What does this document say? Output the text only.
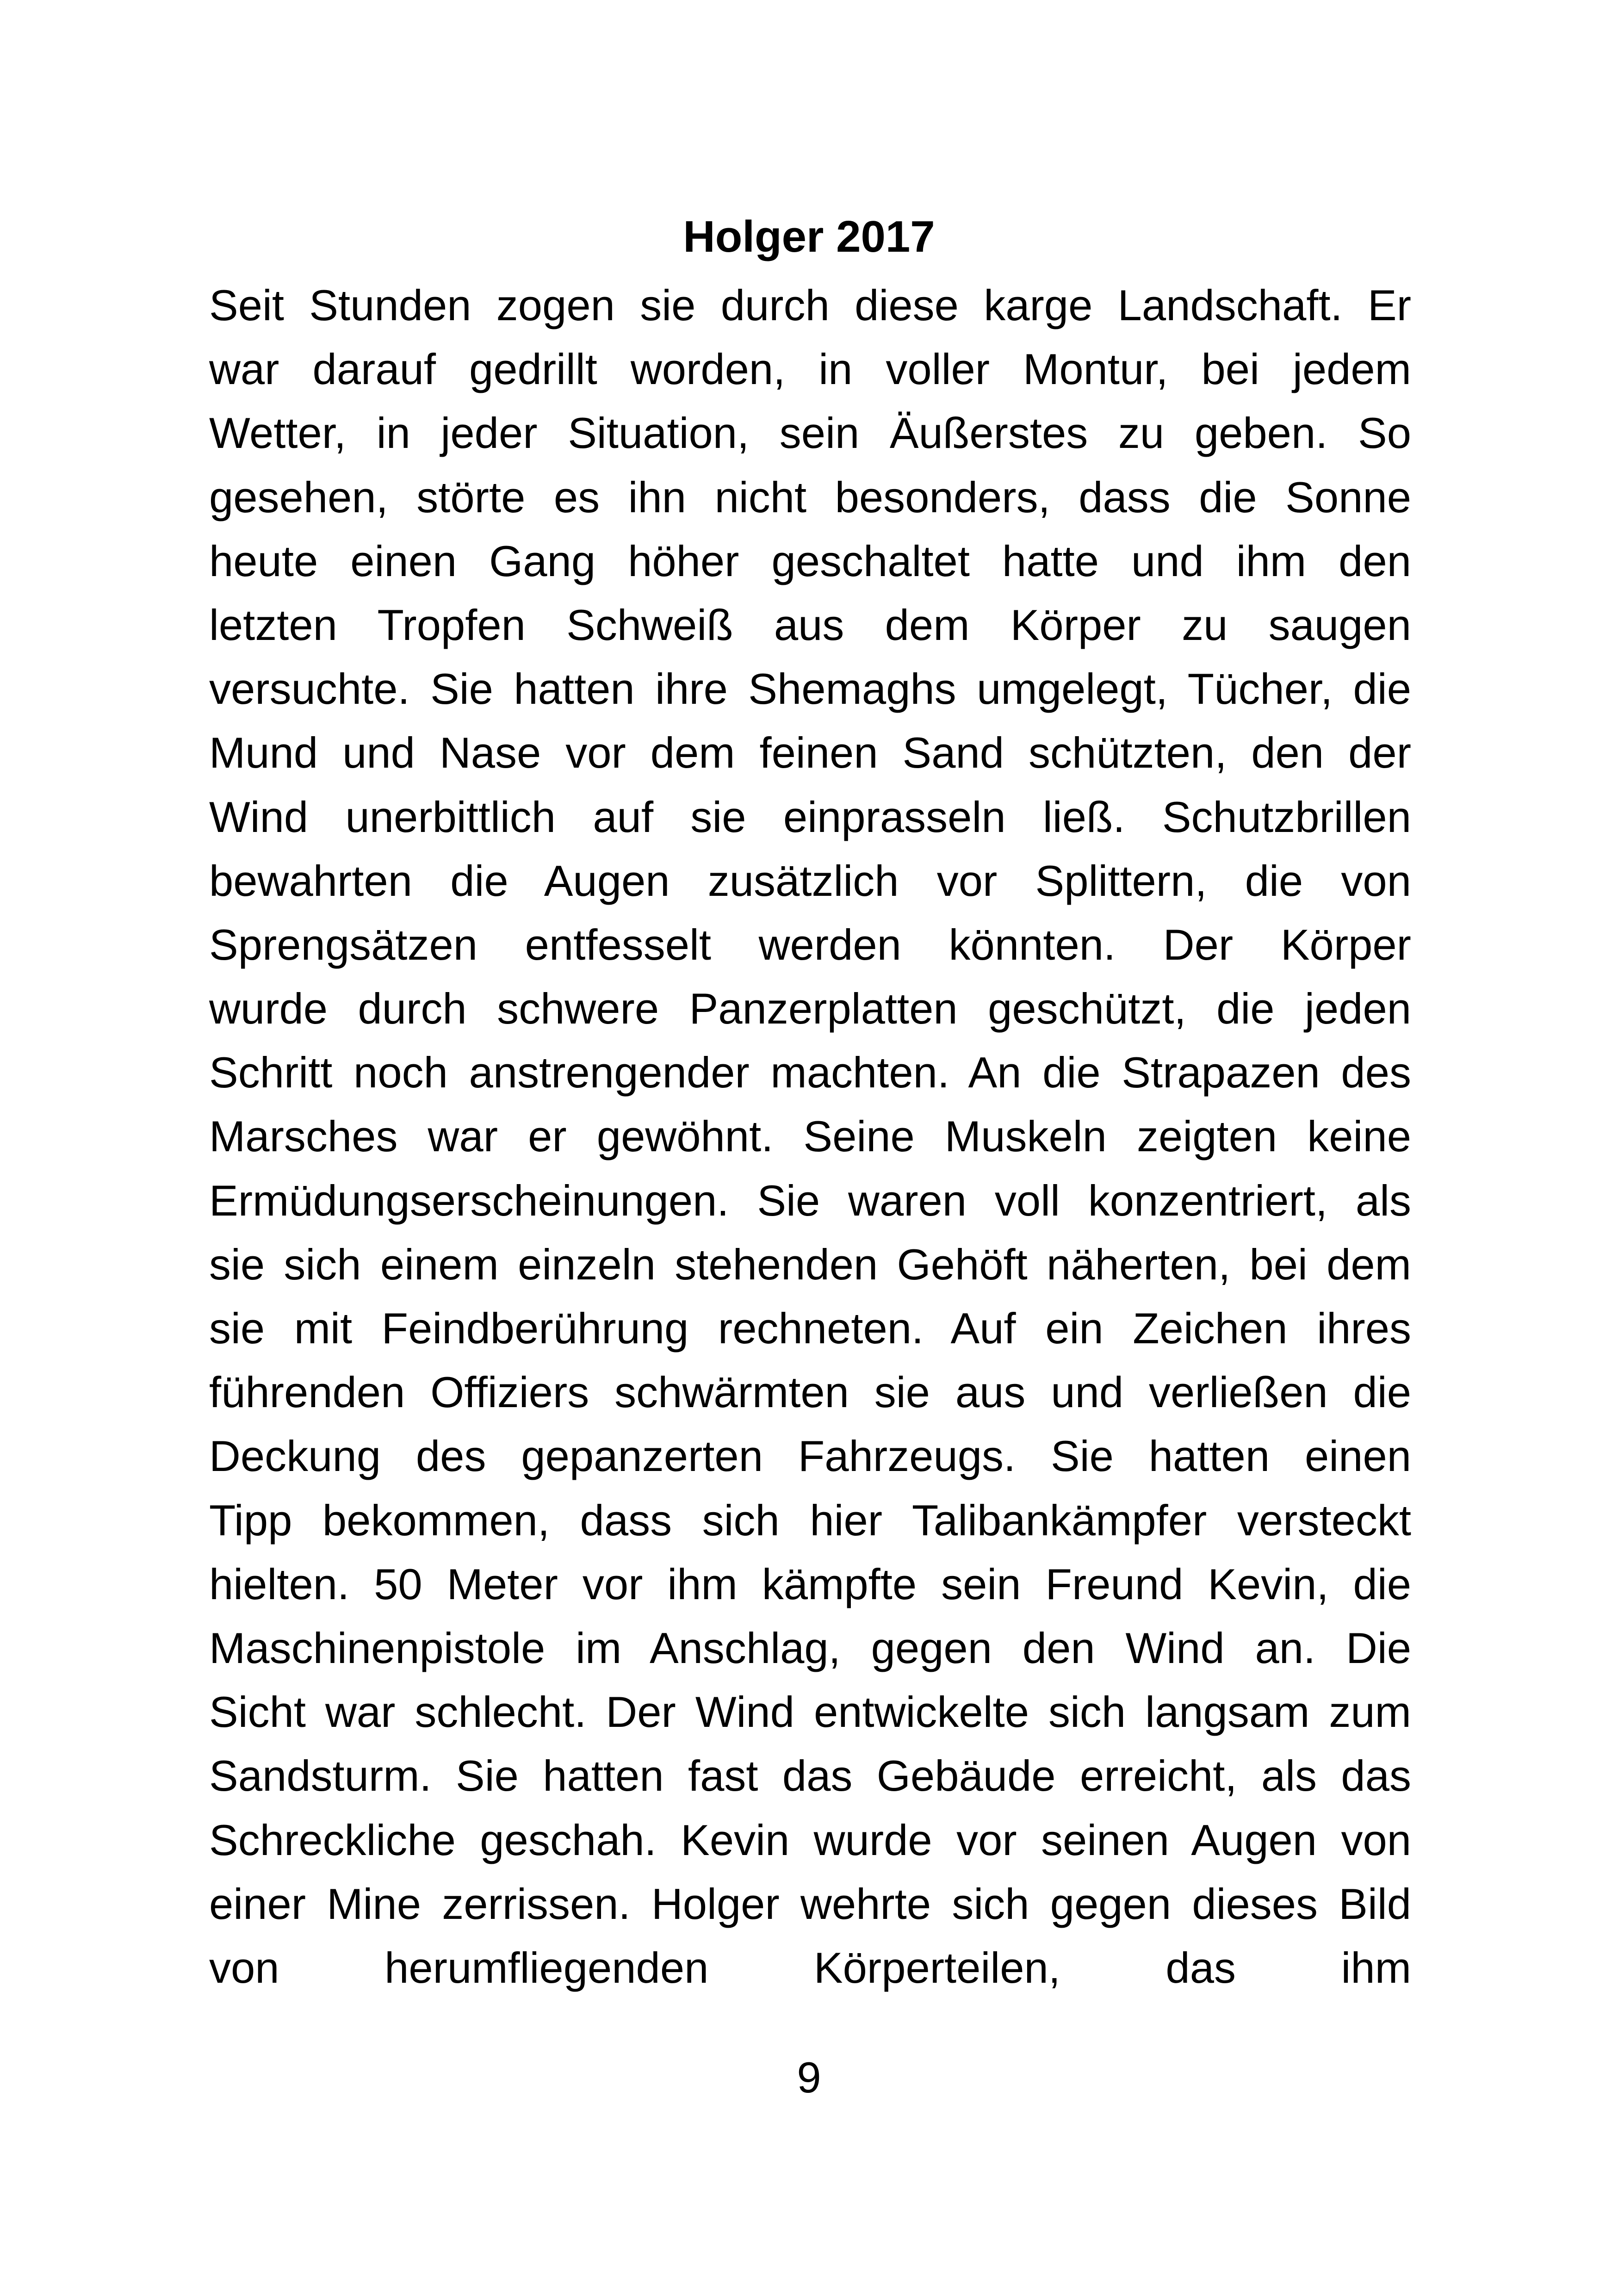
Holger 2017
Seit Stunden zogen sie durch diese karge Landschaft. Er
war darauf gedrillt worden, in voller Montur, bei jedem
Wetter, in jeder Situation, sein Äußerstes zu geben. So
gesehen, störte es ihn nicht besonders, dass die Sonne
heute einen Gang höher geschaltet hatte und ihm den
letzten Tropfen Schweiß aus dem Körper zu saugen
versuchte. Sie hatten ihre Shemaghs umgelegt, Tücher, die
Mund und Nase vor dem feinen Sand schützten, den der
Wind unerbittlich auf sie einprasseln ließ. Schutzbrillen
bewahrten die Augen zusätzlich vor Splittern, die von
Sprengsätzen entfesselt werden könnten. Der Körper
wurde durch schwere Panzerplatten geschützt, die jeden
Schritt noch anstrengender machten. An die Strapazen des
Marsches war er gewöhnt. Seine Muskeln zeigten keine
Ermüdungserscheinungen. Sie waren voll konzentriert, als
sie sich einem einzeln stehenden Gehöft näherten, bei dem
sie mit Feindberührung rechneten. Auf ein Zeichen ihres
führenden Offiziers schwärmten sie aus und verließen die
Deckung des gepanzerten Fahrzeugs. Sie hatten einen
Tipp bekommen, dass sich hier Talibankämpfer versteckt
hielten. 50 Meter vor ihm kämpfte sein Freund Kevin, die
Maschinenpistole im Anschlag, gegen den Wind an. Die
Sicht war schlecht. Der Wind entwickelte sich langsam zum
Sandsturm. Sie hatten fast das Gebäude erreicht, als das
Schreckliche geschah. Kevin wurde vor seinen Augen von
einer Mine zerrissen. Holger wehrte sich gegen dieses Bild
von herumfliegenden Körperteilen, das ihm
9
